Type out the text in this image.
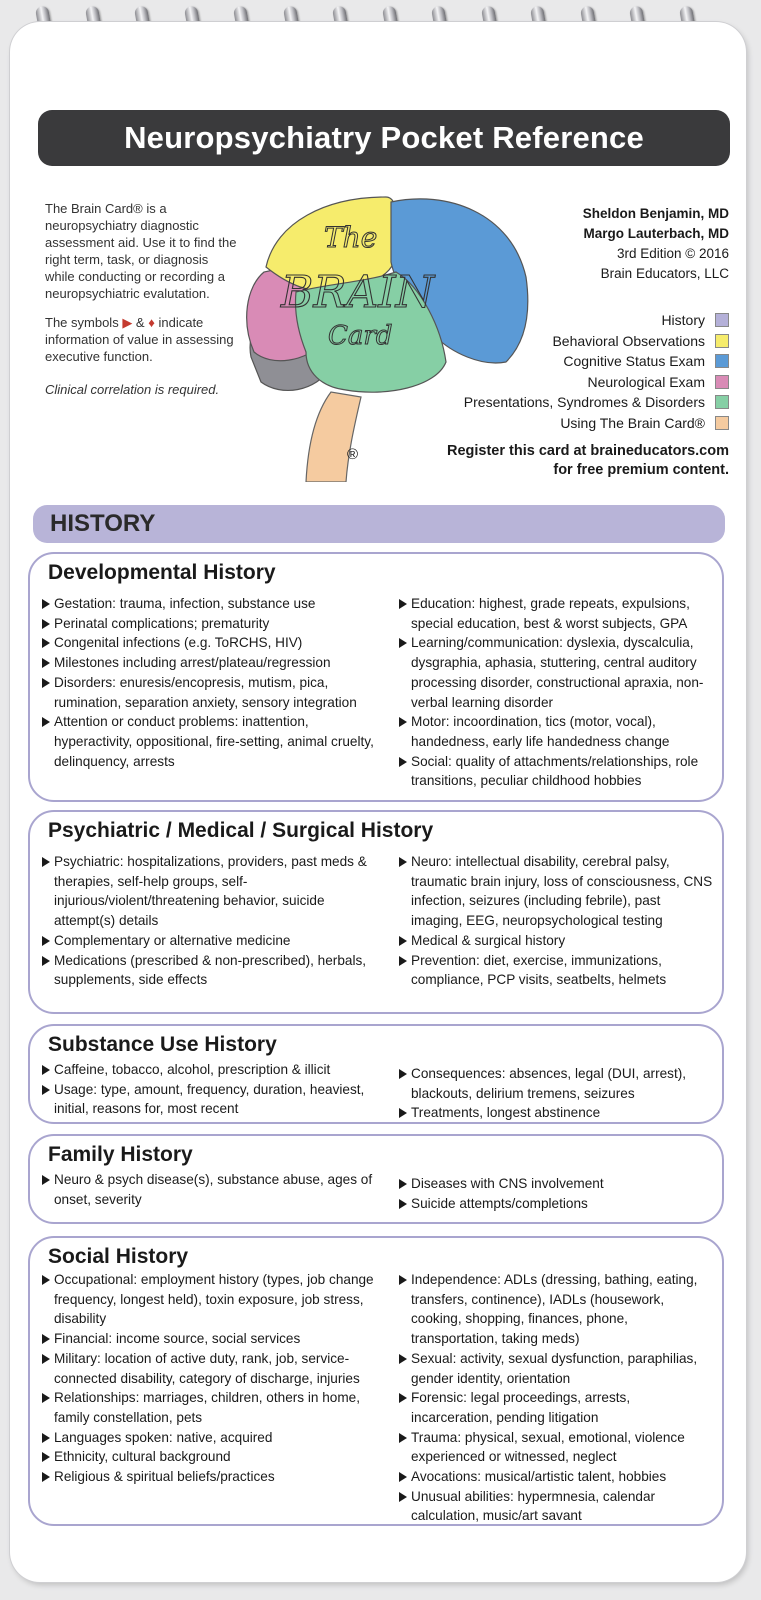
Neuropsychiatry Pocket Reference

The Brain Card® is a neuropsychiatry diagnostic assessment aid. Use it to find the right term, task, or diagnosis while conducting or recording a neuropsychiatric evalutation.

The symbols ▶ & ♦ indicate information of value in assessing executive function.

Clinical correlation is required.

The
BRAIN
Card
®
Sheldon Benjamin, MD
Margo Lauterbach, MD
3rd Edition © 2016
Brain Educators, LLC
History
Behavioral Observations
Cognitive Status Exam
Neurological Exam
Presentations, Syndromes & Disorders
Using The Brain Card®
Register this card at braineducators.com
for free premium content.
HISTORY
Developmental History
Gestation: trauma, infection, substance use
Perinatal complications; prematurity
Congenital infections (e.g. ToRCHS, HIV)
Milestones including arrest/plateau/regression
Disorders: enuresis/encopresis, mutism, pica, rumination, separation anxiety, sensory integration
Attention or conduct problems: inattention, hyperactivity, oppositional, fire-setting, animal cruelty, delinquency, arrests
Education: highest, grade repeats, expulsions, special education, best & worst subjects, GPA
Learning/communication: dyslexia, dyscalculia, dysgraphia, aphasia, stuttering, central auditory processing disorder, constructional apraxia, non-verbal learning disorder
Motor: incoordination, tics (motor, vocal), handedness, early life handedness change
Social: quality of attachments/relationships, role transitions, peculiar childhood hobbies
Psychiatric / Medical / Surgical History
Psychiatric: hospitalizations, providers, past meds & therapies, self-help groups, self-injurious/violent/threatening behavior, suicide attempt(s) details
Complementary or alternative medicine
Medications (prescribed & non-prescribed), herbals, supplements, side effects
Neuro: intellectual disability, cerebral palsy, traumatic brain injury, loss of consciousness, CNS infection, seizures (including febrile), past imaging, EEG, neuropsychological testing
Medical & surgical history
Prevention: diet, exercise, immunizations, compliance, PCP visits, seatbelts, helmets
Substance Use History
Caffeine, tobacco, alcohol, prescription & illicit
Usage: type, amount, frequency, duration, heaviest, initial, reasons for, most recent
Consequences: absences, legal (DUI, arrest), blackouts, delirium tremens, seizures
Treatments, longest abstinence
Family History
Neuro & psych disease(s), substance abuse, ages of onset, severity
Diseases with CNS involvement
Suicide attempts/completions
Social History
Occupational: employment history (types, job change frequency, longest held), toxin exposure, job stress, disability
Financial: income source, social services
Military: location of active duty, rank, job, service-connected disability, category of discharge, injuries
Relationships: marriages, children, others in home, family constellation, pets
Languages spoken: native, acquired
Ethnicity, cultural background
Religious & spiritual beliefs/practices
Independence: ADLs (dressing, bathing, eating, transfers, continence), IADLs (housework, cooking, shopping, finances, phone, transportation, taking meds)
Sexual: activity, sexual dysfunction, paraphilias, gender identity, orientation
Forensic: legal proceedings, arrests, incarceration, pending litigation
Trauma: physical, sexual, emotional, violence experienced or witnessed, neglect
Avocations: musical/artistic talent, hobbies
Unusual abilities: hypermnesia, calendar calculation, music/art savant
